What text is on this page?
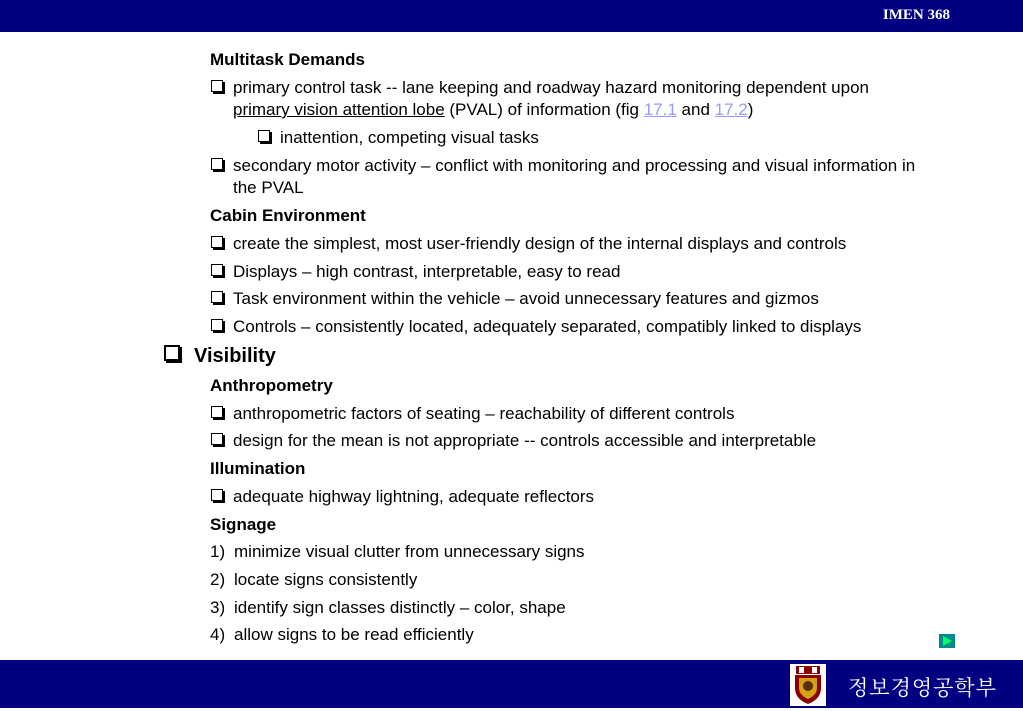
IMEN 368
Multitask Demands
primary control task -- lane keeping and roadway hazard monitoring dependent upon
primary vision attention lobe (PVAL) of information (fig 17.1 and 17.2)
inattention, competing visual tasks
secondary motor activity – conflict with monitoring and processing and visual information in
the PVAL
Cabin Environment
create the simplest, most user-friendly design of the internal displays and controls
Displays – high contrast, interpretable, easy to read
Task environment within the vehicle – avoid unnecessary features and gizmos
Controls – consistently located, adequately separated, compatibly linked to displays
Visibility
Anthropometry
anthropometric factors of seating – reachability of different controls
design for the mean is not appropriate -- controls accessible and interpretable
Illumination
adequate highway lightning, adequate reflectors
Signage
1) minimize visual clutter from unnecessary signs
2) locate signs consistently
3) identify sign classes distinctly – color, shape
4) allow signs to be read efficiently
정보경영공학부
